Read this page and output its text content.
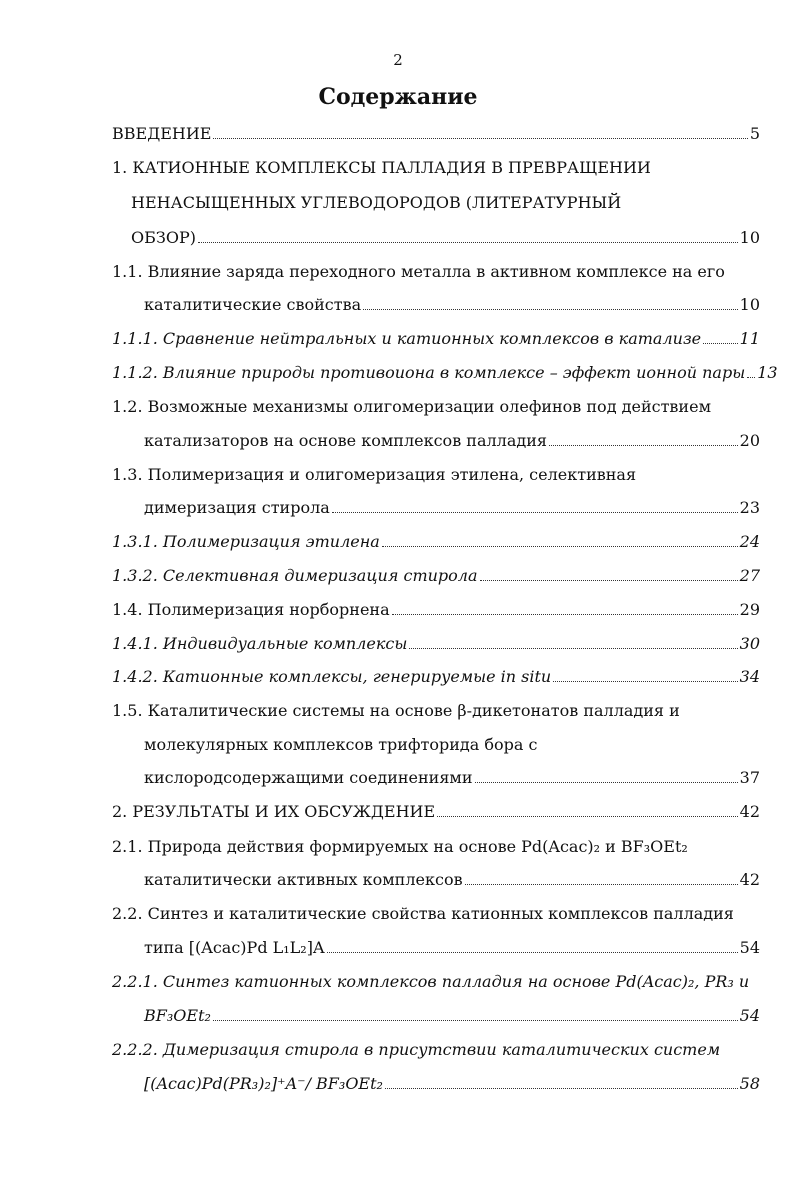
2
Содержание
ВВЕДЕНИЕ	5
1. КАТИОННЫЕ КОМПЛЕКСЫ ПАЛЛАДИЯ В ПРЕВРАЩЕНИИ
НЕНАСЫЩЕННЫХ УГЛЕВОДОРОДОВ (ЛИТЕРАТУРНЫЙ
ОБЗОР)	10
1.1. Влияние заряда переходного металла в активном комплексе на его
каталитические свойства	10
1.1.1. Сравнение нейтральных и катионных комплексов в катализе 11
1.1.2. Влияние природы противоиона в комплексе – эффект ионной пары 13
1.2. Возможные механизмы олигомеризации олефинов под действием
катализаторов на основе комплексов палладия	20
1.3. Полимеризация и олигомеризация этилена, селективная
димеризация стирола	23
1.3.1. Полимеризация этилена	24
1.3.2. Селективная димеризация стирола	27
1.4. Полимеризация норборнена	29
1.4.1. Индивидуальные комплексы	30
1.4.2. Катионные комплексы, генерируемые in situ	34
1.5. Каталитические системы на основе β-дикетонатов палладия и
молекулярных комплексов трифторида бора с
кислородсодержащими соединениями	37
2. РЕЗУЛЬТАТЫ И ИХ ОБСУЖДЕНИЕ	42
2.1. Природа действия формируемых на основе Pd(Acac)₂ и BF₃OEt₂
каталитически активных комплексов	42
2.2. Синтез и каталитические свойства катионных комплексов палладия
типа [(Acac)Pd L₁L₂]A	54
2.2.1. Синтез катионных комплексов палладия на основе Pd(Acac)₂, PR₃ и
BF₃OEt₂	54
2.2.2. Димеризация стирола в присутствии каталитических систем
[(Acac)Pd(PR₃)₂]⁺A⁻/ BF₃OEt₂	58
